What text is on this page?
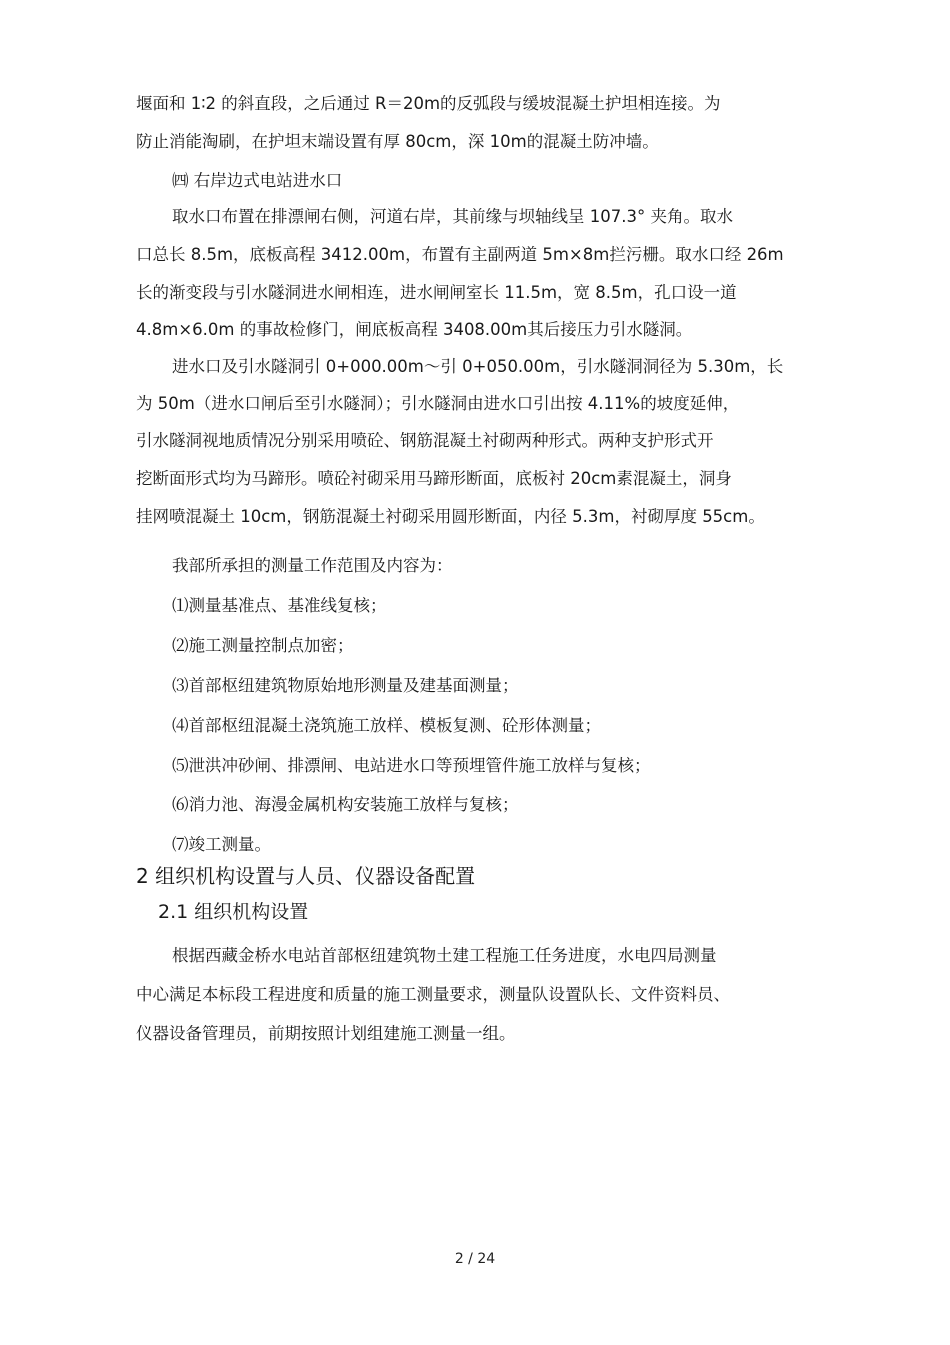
堰面和 1∶2 的斜直段，之后通过 R＝20m的反弧段与缓坡混凝土护坦相连接。为
防止消能淘刷，在护坦末端设置有厚 80cm，深 10m的混凝土防冲墙。
㈣ 右岸边式电站进水口
取水口布置在排漂闸右侧，河道右岸，其前缘与坝轴线呈 107.3° 夹角。取水
口总长 8.5m，底板高程 3412.00m，布置有主副两道 5m×8m拦污栅。取水口经 26m
长的渐变段与引水隧洞进水闸相连，进水闸闸室长 11.5m，宽 8.5m，孔口设一道
4.8m×6.0m 的事故检修门，闸底板高程 3408.00m其后接压力引水隧洞。
进水口及引水隧洞引 0+000.00m～引 0+050.00m，引水隧洞洞径为 5.30m，长
为 50m（进水口闸后至引水隧洞）；引水隧洞由进水口引出按 4.11%的坡度延伸，
引水隧洞视地质情况分别采用喷砼、钢筋混凝土衬砌两种形式。两种支护形式开
挖断面形式均为马蹄形。喷砼衬砌采用马蹄形断面，底板衬 20cm素混凝土，洞身
挂网喷混凝土 10cm，钢筋混凝土衬砌采用圆形断面，内径 5.3m，衬砌厚度 55cm。
我部所承担的测量工作范围及内容为：
⑴测量基准点、基准线复核；
⑵施工测量控制点加密；
⑶首部枢纽建筑物原始地形测量及建基面测量；
⑷首部枢纽混凝土浇筑施工放样、模板复测、砼形体测量；
⑸泄洪冲砂闸、排漂闸、电站进水口等预埋管件施工放样与复核；
⑹消力池、海漫金属机构安装施工放样与复核；
⑺竣工测量。
2 组织机构设置与人员、仪器设备配置
2.1 组织机构设置
根据西藏金桥水电站首部枢纽建筑物土建工程施工任务进度，水电四局测量
中心满足本标段工程进度和质量的施工测量要求，测量队设置队长、文件资料员、
仪器设备管理员，前期按照计划组建施工测量一组。
2 / 24
